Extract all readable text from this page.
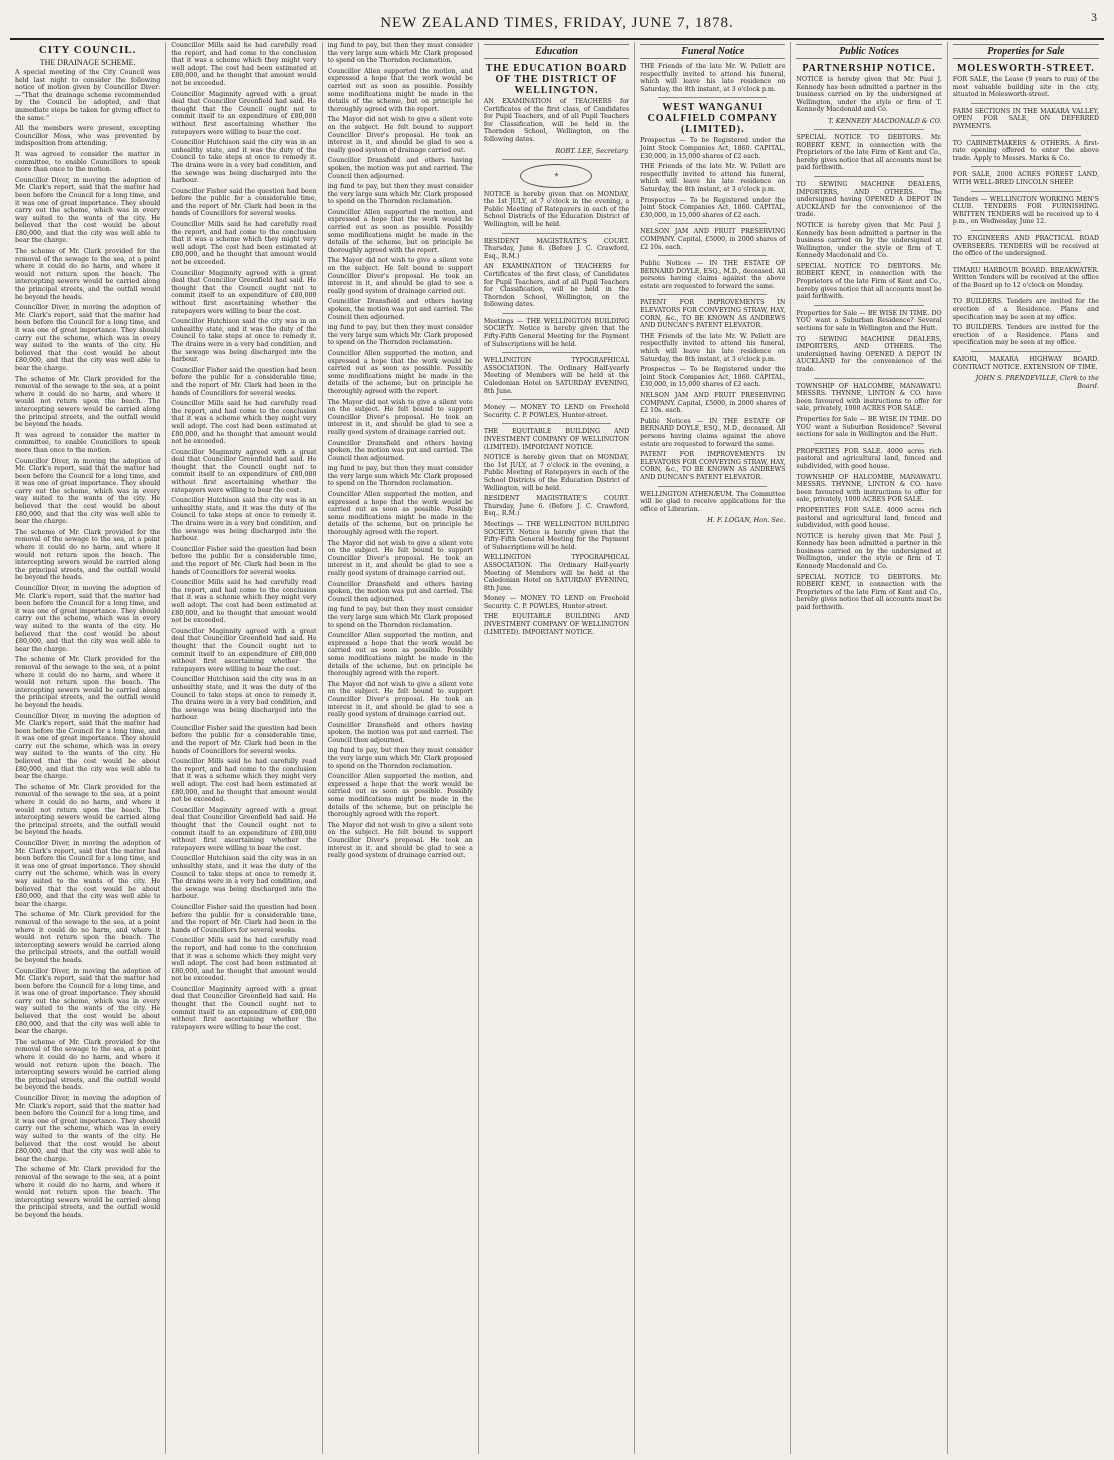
NEW ZEALAND TIMES, FRIDAY, JUNE 7, 1878.	3
CITY COUNCIL.
THE DRAINAGE SCHEME.

A special meeting of the City Council was held last night to consider the following notice of motion given by Councillor Diver:—“That the drainage scheme recommended by the Council be adopted, and that immediate steps be taken for giving effect to the same.”

All the members were present, excepting Councillor Moss, who was prevented by indisposition from attending.

It was agreed to consider the matter in committee, to enable Councillors to speak more than once to the motion.

Councillor Diver, in moving the adoption of Mr. Clark's report, said that the matter had been before the Council for a long time, and it was one of great importance. They should carry out the scheme, which was in every way suited to the wants of the city. He believed that the cost would be about £80,000, and that the city was well able to bear the charge.

The scheme of Mr. Clark provided for the removal of the sewage to the sea, at a point where it could do no harm, and where it would not return upon the beach. The intercepting sewers would be carried along the principal streets, and the outfall would be beyond the heads.

Councillor Diver, in moving the adoption of Mr. Clark's report, said that the matter had been before the Council for a long time, and it was one of great importance. They should carry out the scheme, which was in every way suited to the wants of the city. He believed that the cost would be about £80,000, and that the city was well able to bear the charge.

The scheme of Mr. Clark provided for the removal of the sewage to the sea, at a point where it could do no harm, and where it would not return upon the beach. The intercepting sewers would be carried along the principal streets, and the outfall would be beyond the heads.

It was agreed to consider the matter in committee, to enable Councillors to speak more than once to the motion.

Councillor Diver, in moving the adoption of Mr. Clark's report, said that the matter had been before the Council for a long time, and it was one of great importance. They should carry out the scheme, which was in every way suited to the wants of the city. He believed that the cost would be about £80,000, and that the city was well able to bear the charge.

The scheme of Mr. Clark provided for the removal of the sewage to the sea, at a point where it could do no harm, and where it would not return upon the beach. The intercepting sewers would be carried along the principal streets, and the outfall would be beyond the heads.

Councillor Diver, in moving the adoption of Mr. Clark's report, said that the matter had been before the Council for a long time, and it was one of great importance. They should carry out the scheme, which was in every way suited to the wants of the city. He believed that the cost would be about £80,000, and that the city was well able to bear the charge.

The scheme of Mr. Clark provided for the removal of the sewage to the sea, at a point where it could do no harm, and where it would not return upon the beach. The intercepting sewers would be carried along the principal streets, and the outfall would be beyond the heads.

Councillor Diver, in moving the adoption of Mr. Clark's report, said that the matter had been before the Council for a long time, and it was one of great importance. They should carry out the scheme, which was in every way suited to the wants of the city. He believed that the cost would be about £80,000, and that the city was well able to bear the charge.

The scheme of Mr. Clark provided for the removal of the sewage to the sea, at a point where it could do no harm, and where it would not return upon the beach. The intercepting sewers would be carried along the principal streets, and the outfall would be beyond the heads.

Councillor Diver, in moving the adoption of Mr. Clark's report, said that the matter had been before the Council for a long time, and it was one of great importance. They should carry out the scheme, which was in every way suited to the wants of the city. He believed that the cost would be about £80,000, and that the city was well able to bear the charge.

The scheme of Mr. Clark provided for the removal of the sewage to the sea, at a point where it could do no harm, and where it would not return upon the beach. The intercepting sewers would be carried along the principal streets, and the outfall would be beyond the heads.

Councillor Diver, in moving the adoption of Mr. Clark's report, said that the matter had been before the Council for a long time, and it was one of great importance. They should carry out the scheme, which was in every way suited to the wants of the city. He believed that the cost would be about £80,000, and that the city was well able to bear the charge.

The scheme of Mr. Clark provided for the removal of the sewage to the sea, at a point where it could do no harm, and where it would not return upon the beach. The intercepting sewers would be carried along the principal streets, and the outfall would be beyond the heads.

Councillor Diver, in moving the adoption of Mr. Clark's report, said that the matter had been before the Council for a long time, and it was one of great importance. They should carry out the scheme, which was in every way suited to the wants of the city. He believed that the cost would be about £80,000, and that the city was well able to bear the charge.

The scheme of Mr. Clark provided for the removal of the sewage to the sea, at a point where it could do no harm, and where it would not return upon the beach. The intercepting sewers would be carried along the principal streets, and the outfall would be beyond the heads.

Councillor Mills said he had carefully read the report, and had come to the conclusion that it was a scheme which they might very well adopt. The cost had been estimated at £80,000, and he thought that amount would not be exceeded.

Councillor Maginnity agreed with a great deal that Councillor Greenfield had said. He thought that the Council ought not to commit itself to an expenditure of £80,000 without first ascertaining whether the ratepayers were willing to bear the cost.

Councillor Hutchison said the city was in an unhealthy state, and it was the duty of the Council to take steps at once to remedy it. The drains were in a very bad condition, and the sewage was being discharged into the harbour.

Councillor Fisher said the question had been before the public for a considerable time, and the report of Mr. Clark had been in the hands of Councillors for several weeks.

Councillor Mills said he had carefully read the report, and had come to the conclusion that it was a scheme which they might very well adopt. The cost had been estimated at £80,000, and he thought that amount would not be exceeded.

Councillor Maginnity agreed with a great deal that Councillor Greenfield had said. He thought that the Council ought not to commit itself to an expenditure of £80,000 without first ascertaining whether the ratepayers were willing to bear the cost.

Councillor Hutchison said the city was in an unhealthy state, and it was the duty of the Council to take steps at once to remedy it. The drains were in a very bad condition, and the sewage was being discharged into the harbour.

Councillor Fisher said the question had been before the public for a considerable time, and the report of Mr. Clark had been in the hands of Councillors for several weeks.

Councillor Mills said he had carefully read the report, and had come to the conclusion that it was a scheme which they might very well adopt. The cost had been estimated at £80,000, and he thought that amount would not be exceeded.

Councillor Maginnity agreed with a great deal that Councillor Greenfield had said. He thought that the Council ought not to commit itself to an expenditure of £80,000 without first ascertaining whether the ratepayers were willing to bear the cost.

Councillor Hutchison said the city was in an unhealthy state, and it was the duty of the Council to take steps at once to remedy it. The drains were in a very bad condition, and the sewage was being discharged into the harbour.

Councillor Fisher said the question had been before the public for a considerable time, and the report of Mr. Clark had been in the hands of Councillors for several weeks.

Councillor Mills said he had carefully read the report, and had come to the conclusion that it was a scheme which they might very well adopt. The cost had been estimated at £80,000, and he thought that amount would not be exceeded.

Councillor Maginnity agreed with a great deal that Councillor Greenfield had said. He thought that the Council ought not to commit itself to an expenditure of £80,000 without first ascertaining whether the ratepayers were willing to bear the cost.

Councillor Hutchison said the city was in an unhealthy state, and it was the duty of the Council to take steps at once to remedy it. The drains were in a very bad condition, and the sewage was being discharged into the harbour.

Councillor Fisher said the question had been before the public for a considerable time, and the report of Mr. Clark had been in the hands of Councillors for several weeks.

Councillor Mills said he had carefully read the report, and had come to the conclusion that it was a scheme which they might very well adopt. The cost had been estimated at £80,000, and he thought that amount would not be exceeded.

Councillor Maginnity agreed with a great deal that Councillor Greenfield had said. He thought that the Council ought not to commit itself to an expenditure of £80,000 without first ascertaining whether the ratepayers were willing to bear the cost.

Councillor Hutchison said the city was in an unhealthy state, and it was the duty of the Council to take steps at once to remedy it. The drains were in a very bad condition, and the sewage was being discharged into the harbour.

Councillor Fisher said the question had been before the public for a considerable time, and the report of Mr. Clark had been in the hands of Councillors for several weeks.

Councillor Mills said he had carefully read the report, and had come to the conclusion that it was a scheme which they might very well adopt. The cost had been estimated at £80,000, and he thought that amount would not be exceeded.

Councillor Maginnity agreed with a great deal that Councillor Greenfield had said. He thought that the Council ought not to commit itself to an expenditure of £80,000 without first ascertaining whether the ratepayers were willing to bear the cost.

ing fund to pay, but then they must consider the very large sum which Mr. Clark proposed to spend on the Thorndon reclamation.

Councillor Allen supported the motion, and expressed a hope that the work would be carried out as soon as possible. Possibly some modifications might be made in the details of the scheme, but on principle he thoroughly agreed with the report.

The Mayor did not wish to give a silent vote on the subject. He felt bound to support Councillor Diver's proposal. He took an interest in it, and should be glad to see a really good system of drainage carried out.

Councillor Dransfield and others having spoken, the motion was put and carried. The Council then adjourned.

ing fund to pay, but then they must consider the very large sum which Mr. Clark proposed to spend on the Thorndon reclamation.

Councillor Allen supported the motion, and expressed a hope that the work would be carried out as soon as possible. Possibly some modifications might be made in the details of the scheme, but on principle he thoroughly agreed with the report.

The Mayor did not wish to give a silent vote on the subject. He felt bound to support Councillor Diver's proposal. He took an interest in it, and should be glad to see a really good system of drainage carried out.

Councillor Dransfield and others having spoken, the motion was put and carried. The Council then adjourned.

ing fund to pay, but then they must consider the very large sum which Mr. Clark proposed to spend on the Thorndon reclamation.

Councillor Allen supported the motion, and expressed a hope that the work would be carried out as soon as possible. Possibly some modifications might be made in the details of the scheme, but on principle he thoroughly agreed with the report.

The Mayor did not wish to give a silent vote on the subject. He felt bound to support Councillor Diver's proposal. He took an interest in it, and should be glad to see a really good system of drainage carried out.

Councillor Dransfield and others having spoken, the motion was put and carried. The Council then adjourned.

ing fund to pay, but then they must consider the very large sum which Mr. Clark proposed to spend on the Thorndon reclamation.

Councillor Allen supported the motion, and expressed a hope that the work would be carried out as soon as possible. Possibly some modifications might be made in the details of the scheme, but on principle he thoroughly agreed with the report.

The Mayor did not wish to give a silent vote on the subject. He felt bound to support Councillor Diver's proposal. He took an interest in it, and should be glad to see a really good system of drainage carried out.

Councillor Dransfield and others having spoken, the motion was put and carried. The Council then adjourned.

ing fund to pay, but then they must consider the very large sum which Mr. Clark proposed to spend on the Thorndon reclamation.

Councillor Allen supported the motion, and expressed a hope that the work would be carried out as soon as possible. Possibly some modifications might be made in the details of the scheme, but on principle he thoroughly agreed with the report.

The Mayor did not wish to give a silent vote on the subject. He felt bound to support Councillor Diver's proposal. He took an interest in it, and should be glad to see a really good system of drainage carried out.

Councillor Dransfield and others having spoken, the motion was put and carried. The Council then adjourned.

ing fund to pay, but then they must consider the very large sum which Mr. Clark proposed to spend on the Thorndon reclamation.

Councillor Allen supported the motion, and expressed a hope that the work would be carried out as soon as possible. Possibly some modifications might be made in the details of the scheme, but on principle he thoroughly agreed with the report.

The Mayor did not wish to give a silent vote on the subject. He felt bound to support Councillor Diver's proposal. He took an interest in it, and should be glad to see a really good system of drainage carried out.

Education
THE EDUCATION BOARD OF THE DISTRICT OF WELLINGTON.

AN EXAMINATION of TEACHERS for Certificates of the first class, of Candidates for Pupil Teachers, and of all Pupil Teachers for Classification, will be held in the Thorndon School, Wellington, on the following dates.

ROBT. LEE, Secretary.
⚜

NOTICE is hereby given that on MONDAY, the 1st JULY, at 7 o'clock in the evening, a Public Meeting of Ratepayers in each of the School Districts of the Education District of Wellington, will be held.

RESIDENT MAGISTRATE'S COURT. Thursday, June 6. (Before J. C. Crawford, Esq., R.M.)

AN EXAMINATION of TEACHERS for Certificates of the first class, of Candidates for Pupil Teachers, and of all Pupil Teachers for Classification, will be held in the Thorndon School, Wellington, on the following dates.

Meetings — THE WELLINGTON BUILDING SOCIETY. Notice is hereby given that the Fifty-Fifth General Meeting for the Payment of Subscriptions will be held.

WELLINGTON TYPOGRAPHICAL ASSOCIATION. The Ordinary Half-yearly Meeting of Members will be held at the Caledonian Hotel on SATURDAY EVENING, 8th June.

Money — MONEY TO LEND on Freehold Security. C. P. POWLES, Hunter-street.

THE EQUITABLE BUILDING AND INVESTMENT COMPANY OF WELLINGTON (LIMITED). IMPORTANT NOTICE.

NOTICE is hereby given that on MONDAY, the 1st JULY, at 7 o'clock in the evening, a Public Meeting of Ratepayers in each of the School Districts of the Education District of Wellington, will be held.

RESIDENT MAGISTRATE'S COURT. Thursday, June 6. (Before J. C. Crawford, Esq., R.M.)

Meetings — THE WELLINGTON BUILDING SOCIETY. Notice is hereby given that the Fifty-Fifth General Meeting for the Payment of Subscriptions will be held.

WELLINGTON TYPOGRAPHICAL ASSOCIATION. The Ordinary Half-yearly Meeting of Members will be held at the Caledonian Hotel on SATURDAY EVENING, 8th June.

Money — MONEY TO LEND on Freehold Security. C. P. POWLES, Hunter-street.

THE EQUITABLE BUILDING AND INVESTMENT COMPANY OF WELLINGTON (LIMITED). IMPORTANT NOTICE.

Funeral Notice

THE Friends of the late Mr. W. Pellett are respectfully invited to attend his funeral, which will leave his late residence on Saturday, the 8th instant, at 3 o'clock p.m.

WEST WANGANUI COALFIELD COMPANY (LIMITED).

Prospectus — To be Registered under the Joint Stock Companies Act, 1860. CAPITAL, £30,000, in 15,000 shares of £2 each.

THE Friends of the late Mr. W. Pellett are respectfully invited to attend his funeral, which will leave his late residence on Saturday, the 8th instant, at 3 o'clock p.m.

Prospectus — To be Registered under the Joint Stock Companies Act, 1860. CAPITAL, £30,000, in 15,000 shares of £2 each.

NELSON JAM AND FRUIT PRESERVING COMPANY. Capital, £5000, in 2000 shares of £2 10s. each.

Public Notices — IN THE ESTATE OF BERNARD DOYLE, ESQ., M.D., deceased. All persons having claims against the above estate are requested to forward the same.

PATENT FOR IMPROVEMENTS IN ELEVATORS FOR CONVEYING STRAW, HAY, CORN, &c., TO BE KNOWN AS ANDREWS AND DUNCAN'S PATENT ELEVATOR.

THE Friends of the late Mr. W. Pellett are respectfully invited to attend his funeral, which will leave his late residence on Saturday, the 8th instant, at 3 o'clock p.m.

Prospectus — To be Registered under the Joint Stock Companies Act, 1860. CAPITAL, £30,000, in 15,000 shares of £2 each.

NELSON JAM AND FRUIT PRESERVING COMPANY. Capital, £5000, in 2000 shares of £2 10s. each.

Public Notices — IN THE ESTATE OF BERNARD DOYLE, ESQ., M.D., deceased. All persons having claims against the above estate are requested to forward the same.

PATENT FOR IMPROVEMENTS IN ELEVATORS FOR CONVEYING STRAW, HAY, CORN, &c., TO BE KNOWN AS ANDREWS AND DUNCAN'S PATENT ELEVATOR.

WELLINGTON ATHENÆUM. The Committee will be glad to receive applications for the office of Librarian.

H. F. LOGAN, Hon. Sec.
Public Notices
PARTNERSHIP NOTICE.

NOTICE is hereby given that Mr. Paul J. Kennedy has been admitted a partner in the business carried on by the undersigned at Wellington, under the style or firm of T. Kennedy Macdonald and Co.

T. KENNEDY MACDONALD & CO.

SPECIAL NOTICE TO DEBTORS. Mr. ROBERT KENT, in connection with the Proprietors of the late Firm of Kent and Co., hereby gives notice that all accounts must be paid forthwith.

TO SEWING MACHINE DEALERS, IMPORTERS, AND OTHERS. The undersigned having OPENED A DEPOT IN AUCKLAND for the convenience of the trade.

NOTICE is hereby given that Mr. Paul J. Kennedy has been admitted a partner in the business carried on by the undersigned at Wellington, under the style or firm of T. Kennedy Macdonald and Co.

SPECIAL NOTICE TO DEBTORS. Mr. ROBERT KENT, in connection with the Proprietors of the late Firm of Kent and Co., hereby gives notice that all accounts must be paid forthwith.

Properties for Sale — BE WISE IN TIME. DO YOU want a Suburban Residence? Several sections for sale in Wellington and the Hutt.

TO SEWING MACHINE DEALERS, IMPORTERS, AND OTHERS. The undersigned having OPENED A DEPOT IN AUCKLAND for the convenience of the trade.

TOWNSHIP OF HALCOMBE, MANAWATU. MESSRS. THYNNE, LINTON & CO. have been favoured with instructions to offer for sale, privately, 1000 ACRES FOR SALE.

Properties for Sale — BE WISE IN TIME. DO YOU want a Suburban Residence? Several sections for sale in Wellington and the Hutt.

PROPERTIES FOR SALE. 4000 acres rich pastoral and agricultural land, fenced and subdivided, with good house.

TOWNSHIP OF HALCOMBE, MANAWATU. MESSRS. THYNNE, LINTON & CO. have been favoured with instructions to offer for sale, privately, 1000 ACRES FOR SALE.

PROPERTIES FOR SALE. 4000 acres rich pastoral and agricultural land, fenced and subdivided, with good house.

NOTICE is hereby given that Mr. Paul J. Kennedy has been admitted a partner in the business carried on by the undersigned at Wellington, under the style or firm of T. Kennedy Macdonald and Co.

SPECIAL NOTICE TO DEBTORS. Mr. ROBERT KENT, in connection with the Proprietors of the late Firm of Kent and Co., hereby gives notice that all accounts must be paid forthwith.

Properties for Sale
MOLESWORTH-STREET.

FOR SALE, the Lease (9 years to run) of the most valuable building site in the city, situated in Molesworth-street.

FARM SECTIONS IN THE MAKARA VALLEY, OPEN FOR SALE, ON DEFERRED PAYMENTS.

TO CABINETMAKERS & OTHERS. A first-rate opening offered to enter the above trade. Apply to Messrs. Marks & Co.

FOR SALE, 2000 ACRES FOREST LAND, WITH WELL-BRED LINCOLN SHEEP.

Tenders — WELLINGTON WORKING MEN'S CLUB. TENDERS FOR FURNISHING. WRITTEN TENDERS will be received up to 4 p.m., on Wednesday, June 12.

TO ENGINEERS AND PRACTICAL ROAD OVERSEERS. TENDERS will be received at the office of the undersigned.

TIMARU HARBOUR BOARD. BREAKWATER. Written Tenders will be received at the office of the Board up to 12 o'clock on Monday.

TO BUILDERS. Tenders are invited for the erection of a Residence. Plans and specification may be seen at my office.

TO BUILDERS. Tenders are invited for the erection of a Residence. Plans and specification may be seen at my office.

KAIORI, MAKARA HIGHWAY BOARD. CONTRACT NOTICE. EXTENSION OF TIME.

JOHN S. PRENDEVILLE, Clerk to the Board.
